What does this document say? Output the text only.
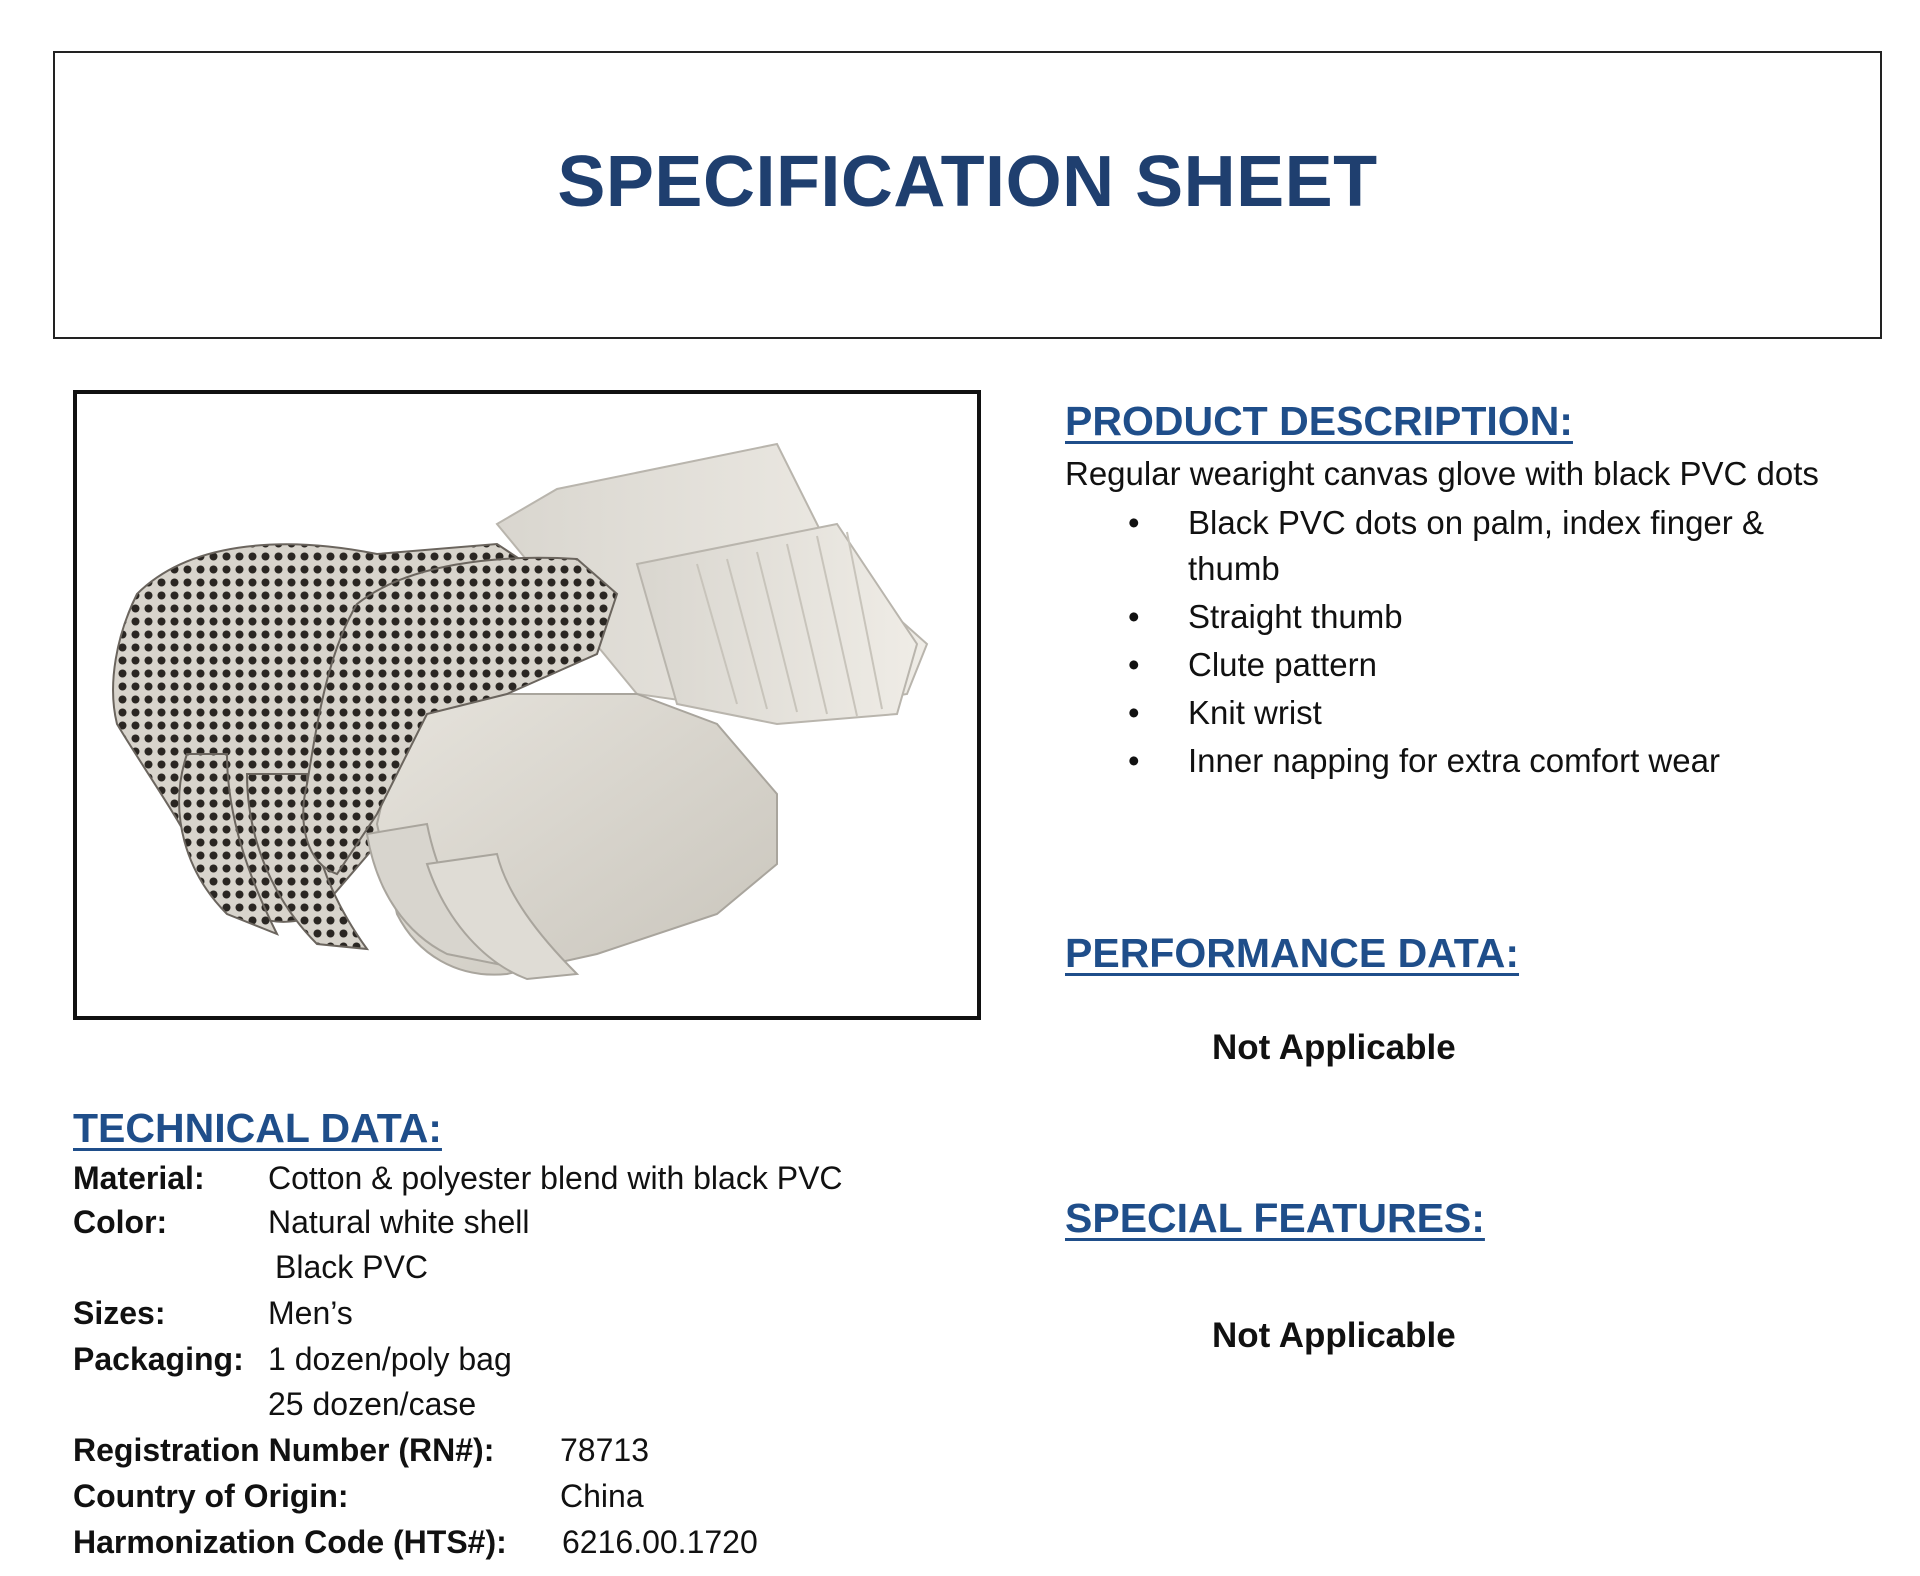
SPECIFICATION SHEET
PRODUCT DESCRIPTION:
Regular wearight canvas glove with black PVC dots
• Black PVC dots on palm, index finger & thumb
• Straight thumb
• Clute pattern
• Knit wrist
• Inner napping for extra comfort wear
PERFORMANCE DATA:
Not Applicable
SPECIAL FEATURES:
Not Applicable
TECHNICAL DATA:
Material: Cotton & polyester blend with black PVC
Color:	Natural white shell
Black PVC
Sizes:	Men’s
Packaging: 1 dozen/poly bag
25 dozen/case
Registration Number (RN#): 78713
Country of Origin:	China
Harmonization Code (HTS#): 6216.00.1720
